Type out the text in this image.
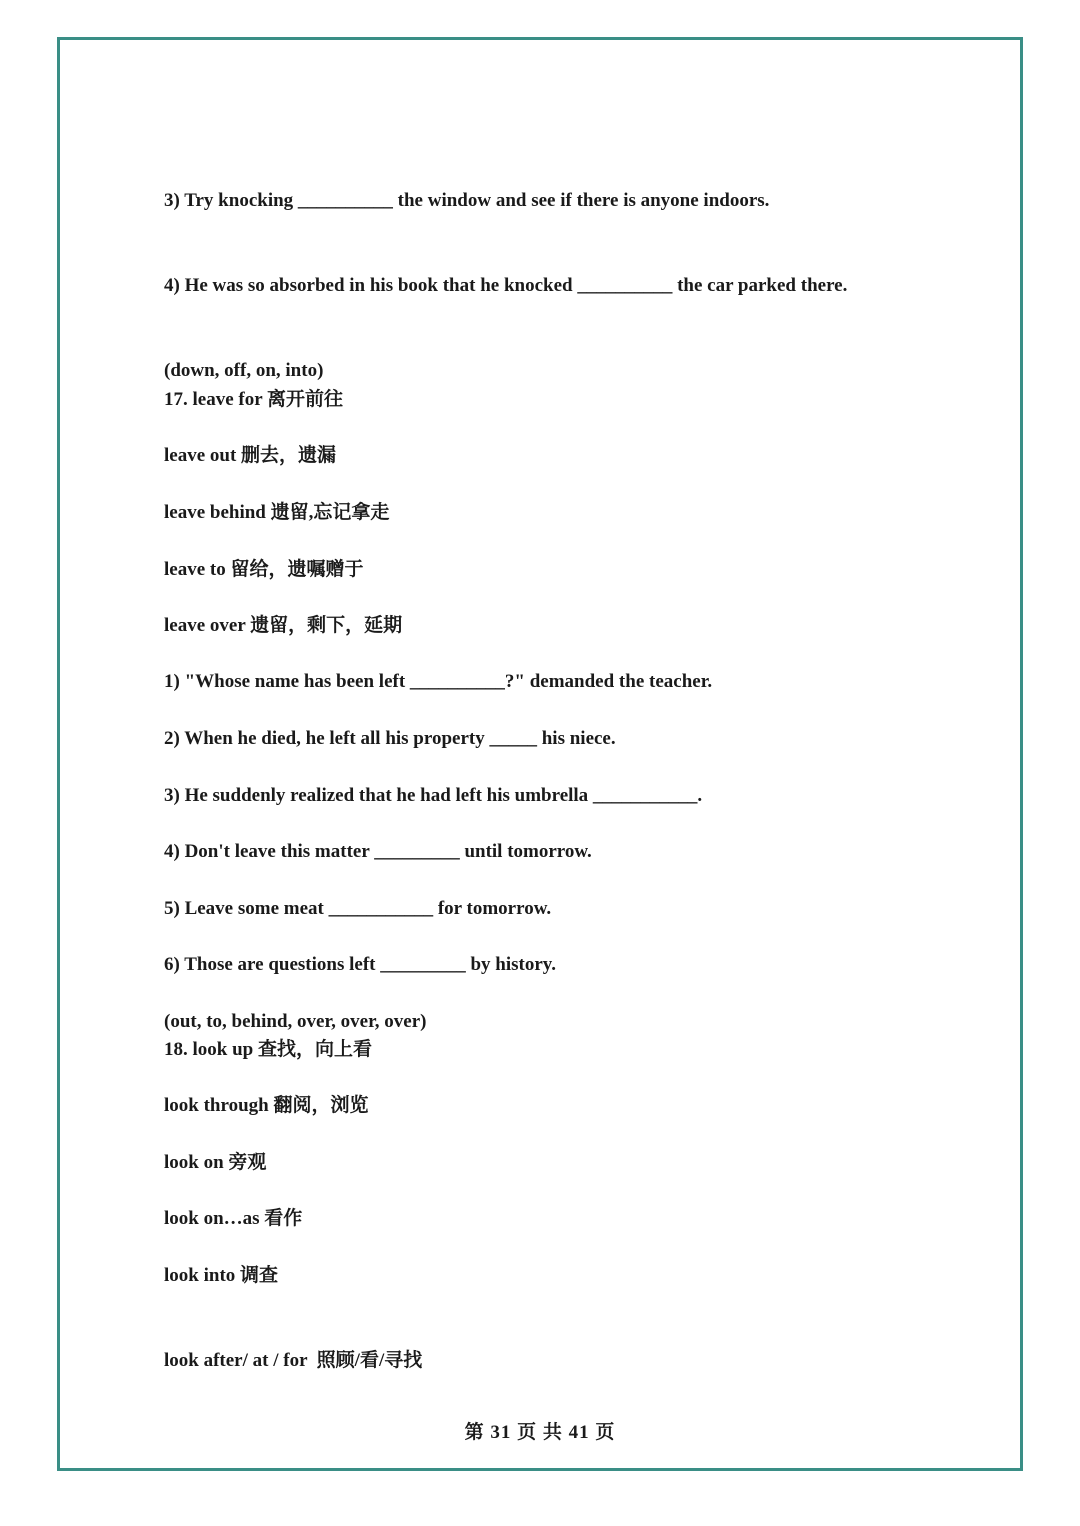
3) Try knocking __________ the window and see if there is anyone indoors.

4) He was so absorbed in his book that he knocked __________ the car parked there.

(down, off, on, into)

17. leave for 离开前往

leave out 删去，遗漏

leave behind 遗留,忘记拿走

leave to 留给，遗嘱赠于

leave over 遗留，剩下，延期

1) "Whose name has been left __________?" demanded the teacher.

2) When he died, he left all his property _____ his niece.

3) He suddenly realized that he had left his umbrella ___________.

4) Don't leave this matter _________ until tomorrow.

5) Leave some meat ___________ for tomorrow.

6) Those are questions left _________ by history.

(out, to, behind, over, over, over)

18. look up 查找，向上看

look through 翻阅，浏览

look on 旁观

look on…as 看作

look into 调查

look after/ at / for  照顾/看/寻找

第 31 页 共 41 页
